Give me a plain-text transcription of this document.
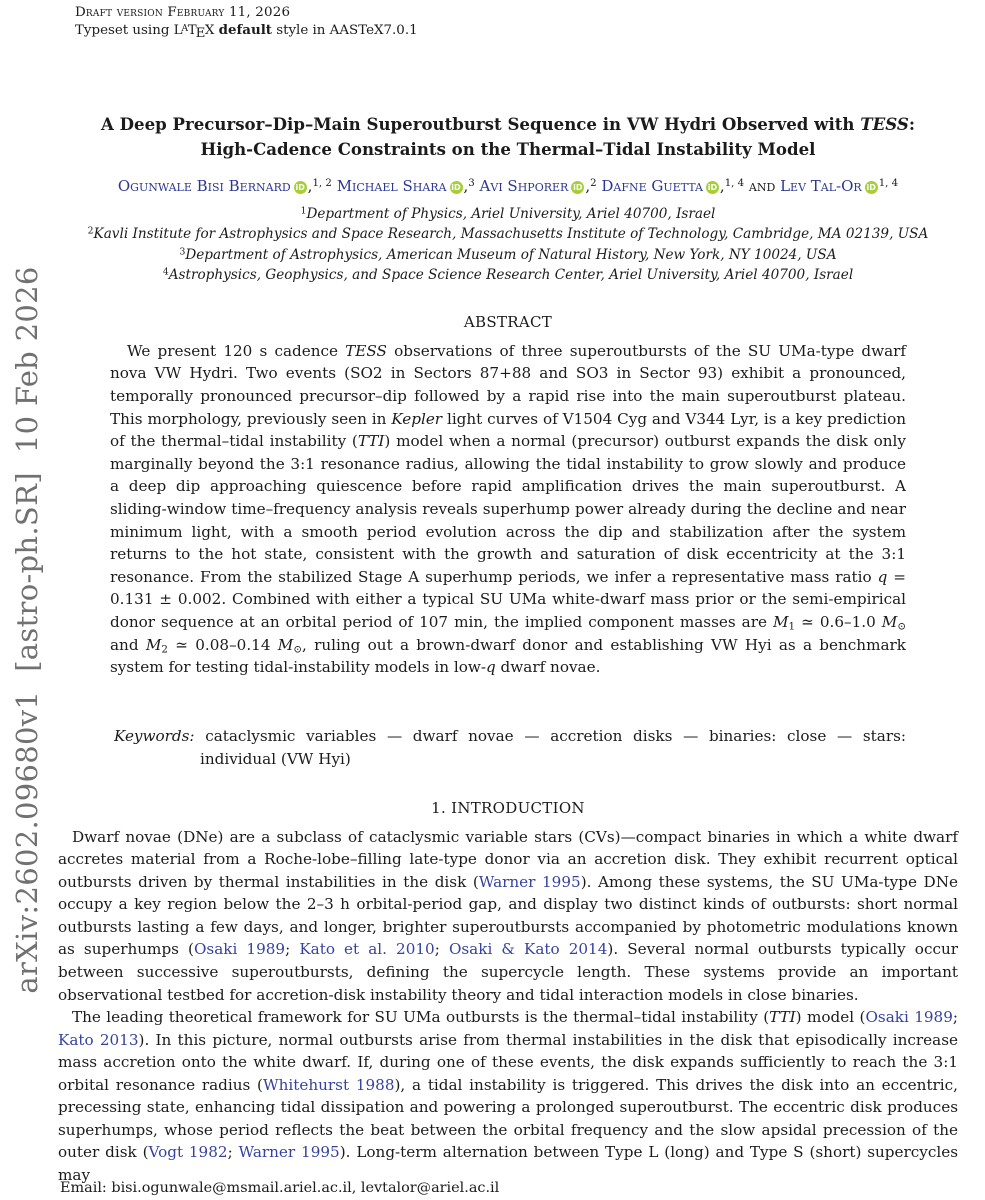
arXiv:2602.09680v1  [astro-ph.SR]  10 Feb 2026
Draft version February 11, 2026
Typeset using $L^ATEX$ default style in AASTeX7.0.1
A Deep Precursor–Dip–Main Superoutburst Sequence in VW Hydri Observed with TESS:
High-Cadence Constraints on the Thermal–Tidal Instability Model
Ogunwale Bisi Bernard iD ,$^{1, 2}$ Michael Shara iD ,$^3$ Avi Shporer iD ,$^2$ Dafne Guetta iD ,$^{1, 4}$ and Lev Tal-Or iD $^{1, 4}$
$^1$Department of Physics, Ariel University, Ariel 40700, Israel
$^2$Kavli Institute for Astrophysics and Space Research, Massachusetts Institute of Technology, Cambridge, MA 02139, USA
$^3$Department of Astrophysics, American Museum of Natural History, New York, NY 10024, USA
$^4$Astrophysics, Geophysics, and Space Science Research Center, Ariel University, Ariel 40700, Israel
ABSTRACT

We present 120 s cadence TESS observations of three superoutbursts of the SU UMa-type dwarf nova VW Hydri. Two events (SO2 in Sectors 87+88 and SO3 in Sector 93) exhibit a pronounced, temporally pronounced precursor–dip followed by a rapid rise into the main superoutburst plateau. This morphology, previously seen in Kepler light curves of V1504 Cyg and V344 Lyr, is a key prediction of the thermal–tidal instability (TTI) model when a normal (precursor) outburst expands the disk only marginally beyond the 3:1 resonance radius, allowing the tidal instability to grow slowly and produce a deep dip approaching quiescence before rapid amplification drives the main superoutburst. A sliding-window time–frequency analysis reveals superhump power already during the decline and near minimum light, with a smooth period evolution across the dip and stabilization after the system returns to the hot state, consistent with the growth and saturation of disk eccentricity at the 3:1 resonance. From the stabilized Stage A superhump periods, we infer a representative mass ratio q = 0.131 ± 0.002. Combined with either a typical SU UMa white-dwarf mass prior or the semi-empirical donor sequence at an orbital period of 107 min, the implied component masses are M1 ≃ 0.6–1.0 M⊙ and M2 ≃ 0.08–0.14 M⊙, ruling out a brown-dwarf donor and establishing VW Hyi as a benchmark system for testing tidal-instability models in low-q dwarf novae.

Keywords: cataclysmic variables — dwarf novae — accretion disks — binaries: close — stars: individual (VW Hyi)

1. INTRODUCTION

Dwarf novae (DNe) are a subclass of cataclysmic variable stars (CVs)—compact binaries in which a white dwarf accretes material from a Roche-lobe–filling late-type donor via an accretion disk. They exhibit recurrent optical outbursts driven by thermal instabilities in the disk (Warner 1995). Among these systems, the SU UMa-type DNe occupy a key region below the 2–3 h orbital-period gap, and display two distinct kinds of outbursts: short normal outbursts lasting a few days, and longer, brighter superoutbursts accompanied by photometric modulations known as superhumps (Osaki 1989; Kato et al. 2010; Osaki & Kato 2014). Several normal outbursts typically occur between successive superoutbursts, defining the supercycle length. These systems provide an important observational testbed for accretion-disk instability theory and tidal interaction models in close binaries.

The leading theoretical framework for SU UMa outbursts is the thermal–tidal instability (TTI) model (Osaki 1989; Kato 2013). In this picture, normal outbursts arise from thermal instabilities in the disk that episodically increase mass accretion onto the white dwarf. If, during one of these events, the disk expands sufficiently to reach the 3:1 orbital resonance radius (Whitehurst 1988), a tidal instability is triggered. This drives the disk into an eccentric, precessing state, enhancing tidal dissipation and powering a prolonged superoutburst. The eccentric disk produces superhumps, whose period reflects the beat between the orbital frequency and the slow apsidal precession of the outer disk (Vogt 1982; Warner 1995). Long-term alternation between Type L (long) and Type S (short) supercycles may

Email: bisi.ogunwale@msmail.ariel.ac.il, levtalor@ariel.ac.il
